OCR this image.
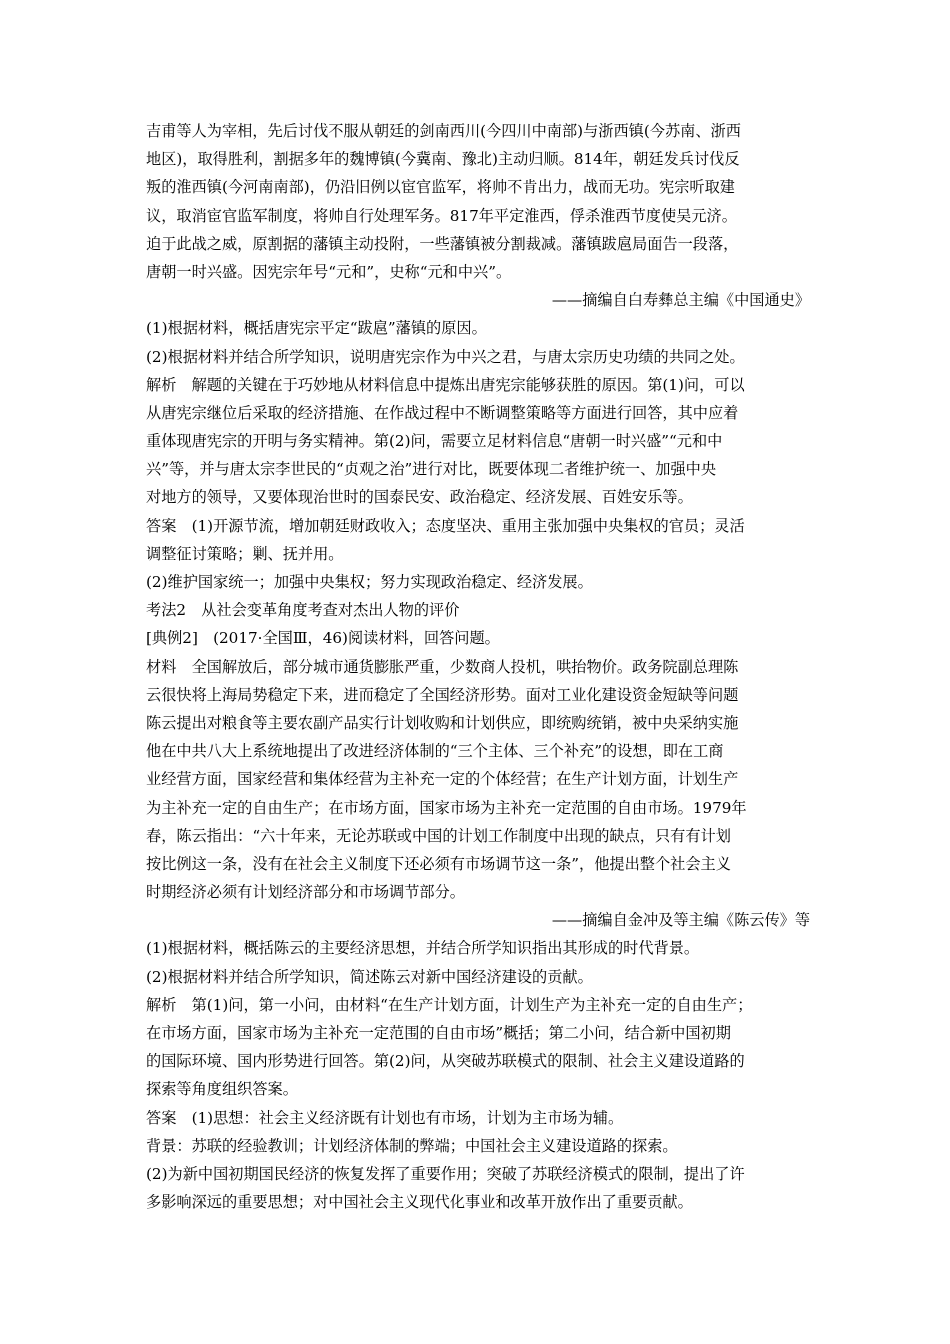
吉甫等人为宰相，先后讨伐不服从朝廷的剑南西川(今四川中南部)与浙西镇(今苏南、浙西
地区)，取得胜利，割据多年的魏博镇(今冀南、豫北)主动归顺。814年，朝廷发兵讨伐反
叛的淮西镇(今河南南部)，仍沿旧例以宦官监军，将帅不肯出力，战而无功。宪宗听取建
议，取消宦官监军制度，将帅自行处理军务。817年平定淮西，俘杀淮西节度使吴元济。
迫于此战之威，原割据的藩镇主动投附，一些藩镇被分割裁减。藩镇跋扈局面告一段落，
唐朝一时兴盛。因宪宗年号“元和”，史称“元和中兴”。
——摘编自白寿彝总主编《中国通史》
(1)根据材料，概括唐宪宗平定“跋扈”藩镇的原因。
(2)根据材料并结合所学知识，说明唐宪宗作为中兴之君，与唐太宗历史功绩的共同之处。
解析　解题的关键在于巧妙地从材料信息中提炼出唐宪宗能够获胜的原因。第(1)问，可以
从唐宪宗继位后采取的经济措施、在作战过程中不断调整策略等方面进行回答，其中应着
重体现唐宪宗的开明与务实精神。第(2)问，需要立足材料信息“唐朝一时兴盛”“元和中
兴”等，并与唐太宗李世民的“贞观之治”进行对比，既要体现二者维护统一、加强中央
对地方的领导，又要体现治世时的国泰民安、政治稳定、经济发展、百姓安乐等。
答案　(1)开源节流，增加朝廷财政收入；态度坚决、重用主张加强中央集权的官员；灵活
调整征讨策略；剿、抚并用。
(2)维护国家统一；加强中央集权；努力实现政治稳定、经济发展。
考法2　从社会变革角度考查对杰出人物的评价
[典例2]　(2017·全国Ⅲ，46)阅读材料，回答问题。
材料　全国解放后，部分城市通货膨胀严重，少数商人投机，哄抬物价。政务院副总理陈
云很快将上海局势稳定下来，进而稳定了全国经济形势。面对工业化建设资金短缺等问题
陈云提出对粮食等主要农副产品实行计划收购和计划供应，即统购统销，被中央采纳实施
他在中共八大上系统地提出了改进经济体制的“三个主体、三个补充”的设想，即在工商
业经营方面，国家经营和集体经营为主补充一定的个体经营；在生产计划方面，计划生产
为主补充一定的自由生产；在市场方面，国家市场为主补充一定范围的自由市场。1979年
春，陈云指出：“六十年来，无论苏联或中国的计划工作制度中出现的缺点，只有有计划
按比例这一条，没有在社会主义制度下还必须有市场调节这一条”，他提出整个社会主义
时期经济必须有计划经济部分和市场调节部分。
——摘编自金冲及等主编《陈云传》等
(1)根据材料，概括陈云的主要经济思想，并结合所学知识指出其形成的时代背景。
(2)根据材料并结合所学知识，简述陈云对新中国经济建设的贡献。
解析　第(1)问，第一小问，由材料“在生产计划方面，计划生产为主补充一定的自由生产；
在市场方面，国家市场为主补充一定范围的自由市场”概括；第二小问，结合新中国初期
的国际环境、国内形势进行回答。第(2)问，从突破苏联模式的限制、社会主义建设道路的
探索等角度组织答案。
答案　(1)思想：社会主义经济既有计划也有市场，计划为主市场为辅。
背景：苏联的经验教训；计划经济体制的弊端；中国社会主义建设道路的探索。
(2)为新中国初期国民经济的恢复发挥了重要作用；突破了苏联经济模式的限制，提出了许
多影响深远的重要思想；对中国社会主义现代化事业和改革开放作出了重要贡献。
